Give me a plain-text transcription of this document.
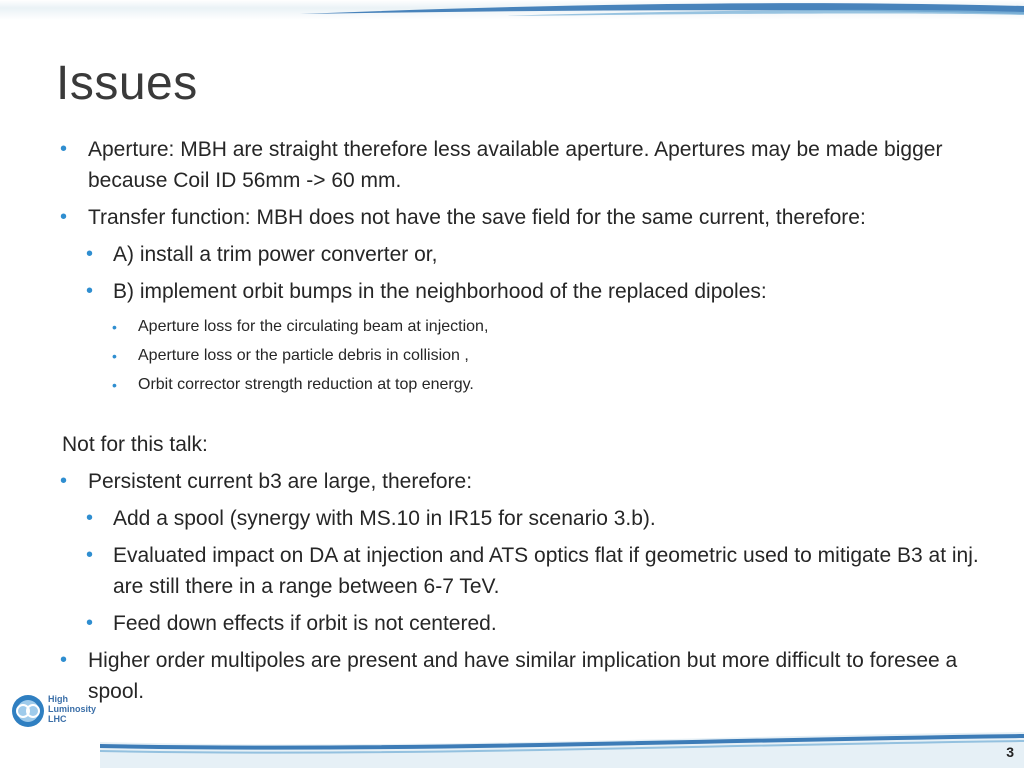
Issues
• Aperture: MBH are straight therefore less available aperture. Apertures may be made bigger because Coil ID 56mm -> 60 mm.
• Transfer function: MBH does not have the save field for the same current, therefore:
• A) install a trim power converter or,
• B) implement orbit bumps in the neighborhood of the replaced dipoles:
• Aperture loss for the circulating beam at injection,
• Aperture loss or the particle debris in collision ,
• Orbit corrector strength reduction at top energy.
Not for this talk:
• Persistent current b3 are large, therefore:
• Add a spool (synergy with MS.10 in IR15 for scenario 3.b).
• Evaluated impact on DA at injection and ATS optics flat if geometric used to mitigate B3 at inj. are still there in a range between 6-7 TeV.
• Feed down effects if orbit is not centered.
• Higher order multipoles are present and have similar implication but more difficult to foresee a spool.
High
Luminosity
LHC
3
